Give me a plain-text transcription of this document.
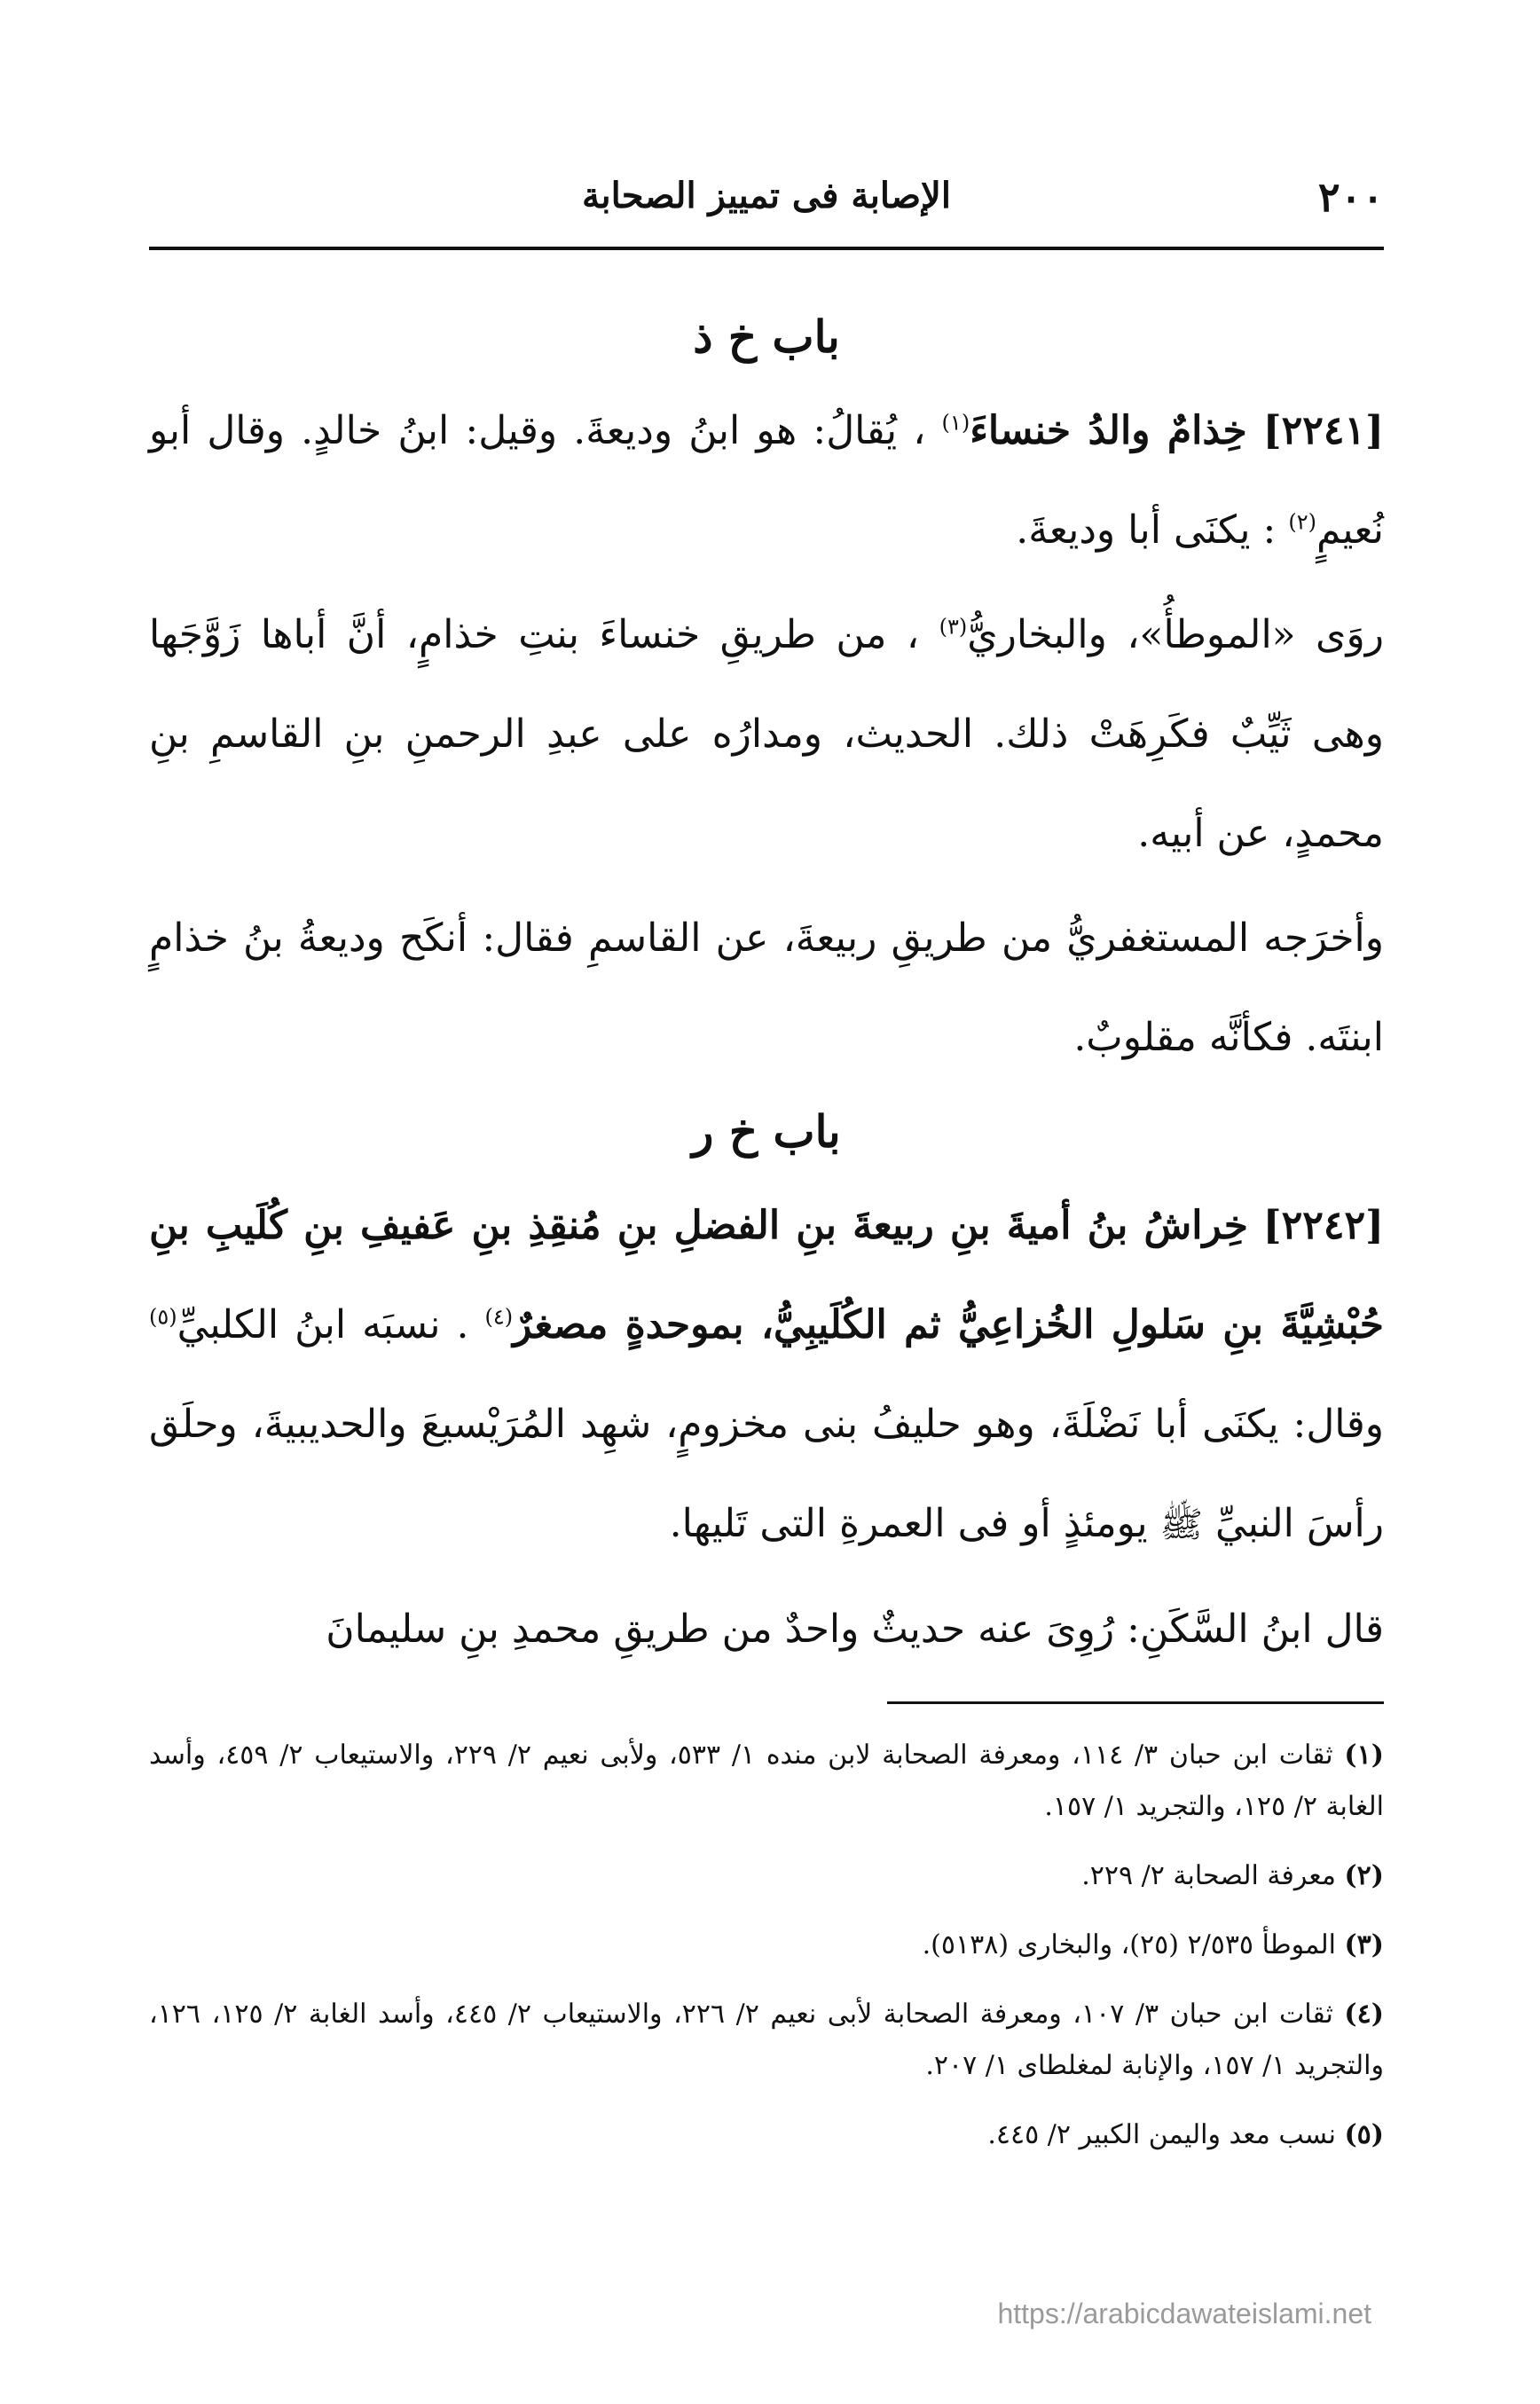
٢٠٠
الإصابة فى تمييز الصحابة
باب خ ذ

[٢٢٤١] خِذامٌ والدُ خنساءَ$^{(١)}$ ، يُقالُ: هو ابنُ وديعةَ. وقيل: ابنُ خالدٍ. وقال أبو نُعيمٍ$^{(٢)}$ : يكنَى أبا وديعةَ.

روَى «الموطأُ»، والبخاريُّ$^{(٣)}$ ، من طريقِ خنساءَ بنتِ خذامٍ، أنَّ أباها زَوَّجَها وهى ثَيِّبٌ فكَرِهَتْ ذلك. الحديث، ومدارُه على عبدِ الرحمنِ بنِ القاسمِ بنِ محمدٍ، عن أبيه.

وأخرَجه المستغفريُّ من طريقِ ربيعةَ، عن القاسمِ فقال: أنكَح وديعةُ بنُ خذامٍ ابنتَه. فكأنَّه مقلوبٌ.

باب خ ر

[٢٢٤٢] خِراشُ بنُ أميةَ بنِ ربيعةَ بنِ الفضلِ بنِ مُنقِذِ بنِ عَفيفِ بنِ كُلَيبِ بنِ حُبْشِيَّةَ بنِ سَلولِ الخُزاعِيُّ ثم الكُلَيبِيُّ، بموحدةٍ مصغرٌ$^{(٤)}$ . نسبَه ابنُ الكلبيِّ$^{(٥)}$ وقال: يكنَى أبا نَضْلَةَ، وهو حليفُ بنى مخزومٍ، شهِد المُرَيْسيعَ والحديبيةَ، وحلَق رأسَ النبيِّ ﷺ يومئذٍ أو فى العمرةِ التى تَليها.

قال ابنُ السَّكَنِ: رُوِىَ عنه حديثٌ واحدٌ من طريقِ محمدِ بنِ سليمانَ

(١) ثقات ابن حبان ٣/ ١١٤، ومعرفة الصحابة لابن منده ١/ ٥٣٣، ولأبى نعيم ٢/ ٢٢٩، والاستيعاب ٢/ ٤٥٩، وأسد الغابة ٢/ ١٢٥، والتجريد ١/ ١٥٧.

(٢) معرفة الصحابة ٢/ ٢٢٩.

(٣) الموطأ ٢/٥٣٥ (٢٥)، والبخارى (٥١٣٨).

(٤) ثقات ابن حبان ٣/ ١٠٧، ومعرفة الصحابة لأبى نعيم ٢/ ٢٢٦، والاستيعاب ٢/ ٤٤٥، وأسد الغابة ٢/ ١٢٥، ١٢٦، والتجريد ١/ ١٥٧، والإنابة لمغلطاى ١/ ٢٠٧.

(٥) نسب معد واليمن الكبير ٢/ ٤٤٥.

https://arabicdawateislami.net
